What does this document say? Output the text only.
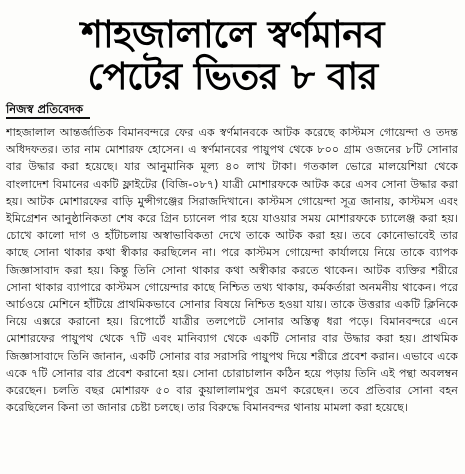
শাহজালালে স্বর্ণমানব
পেটের ভিতর ৮ বার
নিজস্ব প্রতিবেদক

শাহজালাল আন্তর্জাতিক বিমানবন্দরে ফের এক স্বর্ণমানবকে আটক করেছে কাস্টমস গোয়েন্দা ও তদন্ত অধিদফতর। তার নাম মোশারফ হোসেন। এ স্বর্ণমানবের পায়ুপথ থেকে ৮০০ গ্রাম ওজনের ৮টি সোনার বার উদ্ধার করা হয়েছে। যার আনুমানিক মূল্য ৪০ লাখ টাকা। গতকাল ভোরে মালয়েশিয়া থেকে বাংলাদেশ বিমানের একটি ফ্লাইটের (বিজি-০৮৭) যাত্রী মোশারফকে আটক করে এসব সোনা উদ্ধার করা হয়। আটক মোশারফের বাড়ি মুন্সীগঞ্জের সিরাজদিখানে। কাস্টমস গোয়েন্দা সূত্র জানায়, কাস্টমস এবং ইমিগ্রেশন আনুষ্ঠানিকতা শেষ করে গ্রিন চ্যানেল পার হয়ে যাওয়ার সময় মোশারফকে চ্যালেঞ্জ করা হয়। চোখে কালো দাগ ও হাঁটাচলায় অস্বাভাবিকতা দেখে তাকে আটক করা হয়। তবে কোনোভাবেই তার কাছে সোনা থাকার কথা স্বীকার করছিলেন না। পরে কাস্টমস গোয়েন্দা কার্যালয়ে নিয়ে তাকে ব্যাপক জিজ্ঞাসাবাদ করা হয়। কিন্তু তিনি সোনা থাকার কথা অস্বীকার করতে থাকেন। আটক ব্যক্তির শরীরে সোনা থাকার ব্যাপারে কাস্টমস গোয়েন্দার কাছে নিশ্চিত তথ্য থাকায়, কর্মকর্তারা অনমনীয় থাকেন। পরে আর্চওয়ে মেশিনে হাঁটিয়ে প্রাথমিকভাবে সোনার বিষয়ে নিশ্চিত হওয়া যায়। তাকে উত্তরার একটি ক্লিনিকে নিয়ে এক্সরে করানো হয়। রিপোর্টে যাত্রীর তলপেটে সোনার অস্তিত্ব ধরা পড়ে। বিমানবন্দরে এনে মোশারফের পায়ুপথ থেকে ৭টি এবং মানিব্যাগ থেকে একটি সোনার বার উদ্ধার করা হয়। প্রাথমিক জিজ্ঞাসাবাদে তিনি জানান, একটি সোনার বার সরাসরি পায়ুপথ দিয়ে শরীরে প্রবেশ করান। এভাবে একে একে ৭টি সোনার বার প্রবেশ করানো হয়। সোনা চোরাচালান কঠিন হয়ে পড়ায় তিনি এই পন্থা অবলম্বন করেছেন। চলতি বছর মোশারফ ৫০ বার কুয়ালালামপুর ভ্রমণ করেছেন। তবে প্রতিবার সোনা বহন করেছিলেন কিনা তা জানার চেষ্টা চলছে। তার বিরুদ্ধে বিমানবন্দর থানায় মামলা করা হয়েছে।
